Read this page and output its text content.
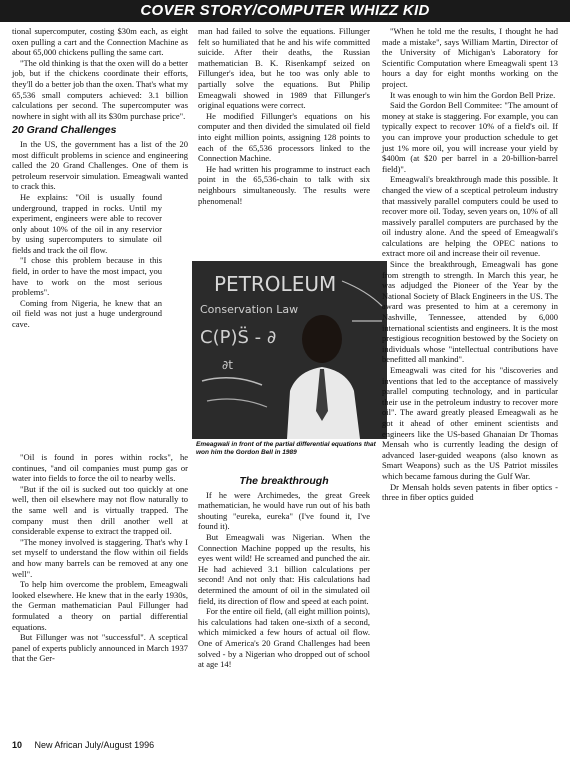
COVER STORY/COMPUTER WHIZZ KID

tional supercomputer, costing $30m each, as eight oxen pulling a cart and the Connection Machine as about 65,000 chickens pulling the same cart.

"The old thinking is that the oxen will do a better job, but if the chickens coordinate their efforts, they'll do a better job than the oxen. That's what my 65,536 small computers achieved: 3.1 billion calculations per second. The supercomputer was nowhere in sight with all its $30m purchase price".

20 Grand Challenges

In the US, the government has a list of the 20 most difficult problems in science and engineering called the 20 Grand Challenges. One of them is petroleum reservoir simulation. Emeagwali wanted to crack this.

He explains: "Oil is usually found underground, trapped in rocks. Until my experiment, engineers were able to recover only about 10% of the oil in any reservior by using supercomputers to simulate oil fields and track the oil flow.

"I chose this problem because in this field, in order to have the most impact, you have to work on the most serious problems".

Coming from Nigeria, he knew that an oil field was not just a huge underground cave.

"Oil is found in pores within rocks", he continues, "and oil companies must pump gas or water into fields to force the oil to nearby wells.

"But if the oil is sucked out too quickly at one well, then oil elsewhere may not flow naturally to the same well and is virtually trapped. The company must then drill another well at considerable expense to extract the trapped oil.

"The money involved is staggering. That's why I set myself to understand the flow within oil fields and how many barrels can be removed at any one well".

To help him overcome the problem, Emeagwali looked elsewhere. He knew that in the early 1930s, the German mathematician Paul Fillunger had formulated a theory on partial differential equations.

But Fillunger was not "successful". A sceptical panel of experts publicly announced in March 1937 that the Ger-

man had failed to solve the equations. Fillunger felt so humiliated that he and his wife committed suicide. After their deaths, the Russian mathematician B. K. Risenkampf seized on Fillunger's idea, but he too was only able to partially solve the equations. But Philip Emeagwali showed in 1989 that Fillunger's original equations were correct.

He modified Fillunger's equations on his computer and then divided the simulated oil field into eight million points, assigning 128 points to each of the 65,536 processors linked to the Connection Machine.

He had written his programme to instruct each point in the 65,536-chain to talk with six neighbours simultaneously. The results were phenomenal!

PETROLEUM
Conservation Law
C(P)S̈ - ∂
∂t
Emeagwali in front of the partial differential equations that won him the Gordon Bell in 1989
The breakthrough

If he were Archimedes, the great Greek mathematician, he would have run out of his bath shouting "eureka, eureka" (I've found it, I've found it).

But Emeagwali was Nigerian. When the Connection Machine popped up the results, his eyes went wild! He screamed and punched the air. He had achieved 3.1 billion calculations per second! And not only that: His calculations had determined the amount of oil in the simulated oil field, its direction of flow and speed at each point.

For the entire oil field, (all eight million points), his calculations had taken one-sixth of a second, which mimicked a few hours of actual oil flow. One of America's 20 Grand Challenges had been solved - by a Nigerian who dropped out of school at age 14!

"When he told me the results, I thought he had made a mistake", says William Martin, Director of the University of Michigan's Laboratory for Scientific Computation where Emeagwali spent 13 hours a day for eight months working on the project.

It was enough to win him the Gordon Bell Prize.

Said the Gordon Bell Commitee: "The amount of money at stake is staggering. For example, you can typically expect to recover 10% of a field's oil. If you can improve your production schedule to get just 1% more oil, you will increase your yield by $400m (at $20 per barrel in a 20-billion-barrel field)".

Emeagwali's breakthrough made this possible. It changed the view of a sceptical petroleum industry that massively parallel computers could be used to recover more oil. Today, seven years on, 10% of all massively parallel computers are purchased by the oil industry alone. And the speed of Emeagwali's calculations are helping the OPEC nations to extract more oil and increase their oil revenue.

Since the breakthrough, Emeagwali has gone from strength to strength. In March this year, he was adjudged the Pioneer of the Year by the National Society of Black Engineers in the US. The award was presented to him at a ceremony in Nashville, Tennessee, attended by 6,000 international scientists and engineers. It is the most prestigious recognition bestowed by the Society on individuals whose "intellectual contributions have benefitted all mankind".

Emeagwali was cited for his "discoveries and inventions that led to the acceptance of massively parallel computing technology, and in particular their use in the petroleum industry to recover more oil". The award greatly pleased Emeagwali as he got it ahead of other eminent scientists and engineers like the US-based Ghanaian Dr Thomas Mensah who is currently leading the design of advanced laser-guided weapons (also known as Smart Weapons) such as the US Patriot missiles which became famous during the Gulf War.

Dr Mensah holds seven patents in fiber optics - three in fiber optics guided

10 New African July/August 1996
